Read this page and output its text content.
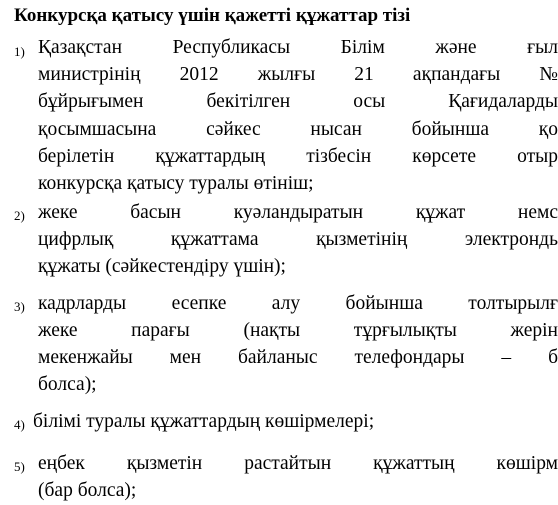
Конкурсқа қатысу үшін қажетті құжаттар тізі
1) Қазақстан Республикасы Білім және ғыл
министрінің 2012 жылғы 21 ақпандағы №
бұйрығымен бекітілген осы Қағидаларды
қосымшасына сәйкес нысан бойынша қо
берілетін құжаттардың тізбесін көрсете отыр
конкурсқа қатысу туралы өтініш;
2) жеке басын куәландыратын құжат немс
цифрлық құжаттама қызметінің электрондь
құжаты (сәйкестендіру үшін);
3) кадрларды есепке алу бойынша толтырылғ
жеке парағы (нақты тұрғылықты жерін
мекенжайы мен байланыс телефондары – б
болса);
4) білімі туралы құжаттардың көшірмелері;
5) еңбек қызметін растайтын құжаттың көшірм
(бар болса);
